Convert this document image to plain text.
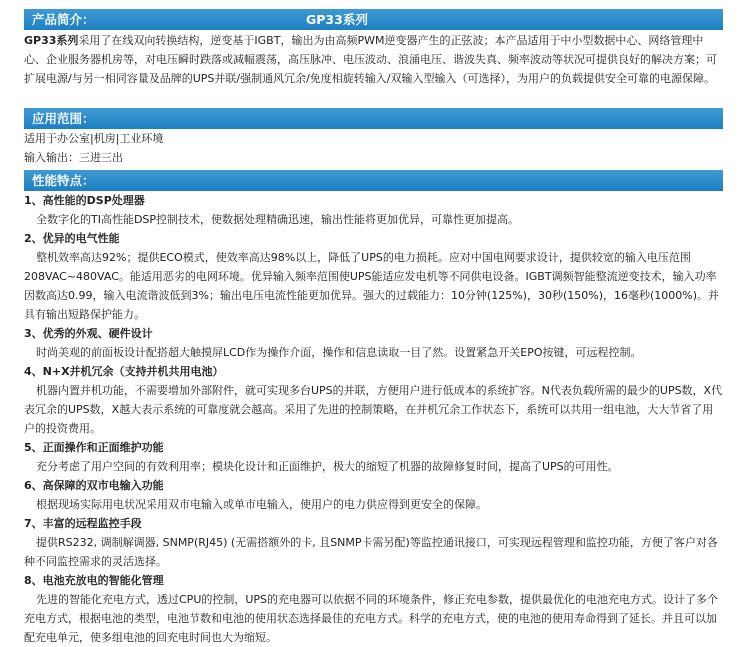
产品简介：	GP33系列

GP33系列采用了在线双向转换结构，逆变基于IGBT，输出为由高频PWM逆变器产生的正弦波；本产品适用于中小型数据中心、网络管理中心、企业服务器机房等，对电压瞬时跌落或减幅震荡，高压脉冲、电压波动、浪涌电压、谐波失真、频率波动等状况可提供良好的解决方案；可扩展电源/与另一相同容量及品牌的UPS并联/强制通风冗余/免度相旋转输入/双输入型输入（可选择），为用户的负载提供安全可靠的电源保障。

应用范围：

适用于办公室|机房|工业环境

输入输出：三进三出

性能特点：

1、高性能的DSP处理器

全数字化的TI高性能DSP控制技术，使数据处理精确迅速，输出性能将更加优异，可靠性更加提高。

2、优异的电气性能

整机效率高达92%；提供ECO模式，使效率高达98%以上，降低了UPS的电力损耗。应对中国电网要求设计，提供较宽的输入电压范围208VAC~480VAC。能适用恶劣的电网环境。优异输入频率范围使UPS能适应发电机等不同供电设备。IGBT调频智能整流逆变技术，输入功率因数高达0.99，输入电流谐波低到3%；输出电压电流性能更加优异。强大的过载能力：10分钟(125%)，30秒(150%)，16毫秒(1000%)。并具有输出短路保护能力。

3、优秀的外观、硬件设计

时尚美观的前面板设计配搭超大触摸屏LCD作为操作介面，操作和信息读取一目了然。设置紧急开关EPO按键，可远程控制。

4、N+X并机冗余（支持并机共用电池）

机器内置并机功能，不需要增加外部附件，就可实现多台UPS的并联，方便用户进行低成本的系统扩容。N代表负载所需的最少的UPS数，X代表冗余的UPS数，X越大表示系统的可靠度就会越高。采用了先进的控制策略，在并机冗余工作状态下，系统可以共用一组电池，大大节省了用户的投资费用。

5、正面操作和正面维护功能

充分考虑了用户空间的有效利用率；模块化设计和正面维护，极大的缩短了机器的故障修复时间，提高了UPS的可用性。

6、高保障的双市电输入功能

根据现场实际用电状况采用双市电输入或单市电输入，使用户的电力供应得到更安全的保障。

7、丰富的远程监控手段

提供RS232, 调制解调器, SNMP(RJ45) (无需搭额外的卡, 且SNMP卡需另配)等监控通讯接口，可实现远程管理和监控功能，方便了客户对各种不同监控需求的灵活选择。

8、电池充放电的智能化管理

先进的智能化充电方式，透过CPU的控制，UPS的充电器可以依据不同的环境条件，修正充电参数，提供最优化的电池充电方式。设计了多个充电方式，根据电池的类型，电池节数和电池的使用状态选择最佳的充电方式。科学的充电方式，使的电池的使用寿命得到了延长。并且可以加配充电单元，使多组电池的回充电时间也大为缩短。
